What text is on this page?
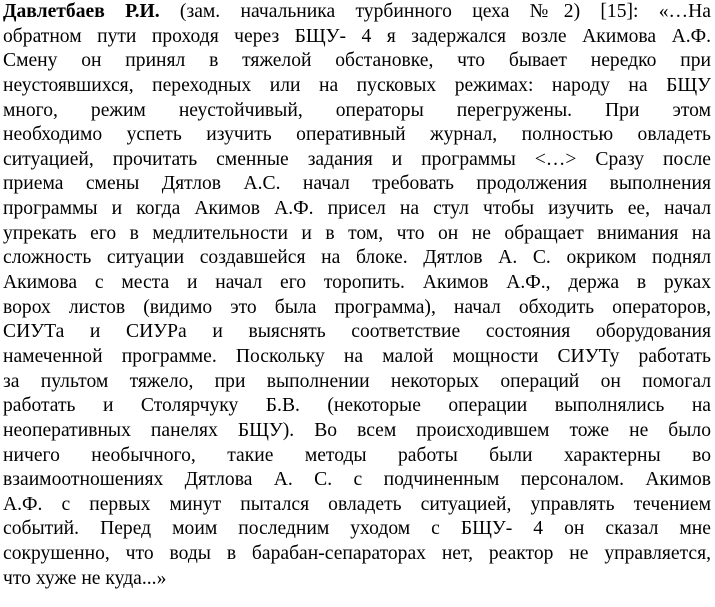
Давлетбаев Р.И. (зам. начальника турбинного цеха №2) [15]: «…На
обратном пути проходя через БЩУ- 4 я задержался возле Акимова А.Ф.
Смену он принял в тяжелой обстановке, что бывает нередко при
неустоявшихся, переходных или на пусковых режимах: народу на БЩУ
много, режим неустойчивый, операторы перегружены. При этом
необходимо успеть изучить оперативный журнал, полностью овладеть
ситуацией, прочитать сменные задания и программы <…> Сразу после
приема смены Дятлов А.С. начал требовать продолжения выполнения
программы и когда Акимов А.Ф. присел на стул чтобы изучить ее, начал
упрекать его в медлительности и в том, что он не обращает внимания на
сложность ситуации создавшейся на блоке. Дятлов А. С. окриком поднял
Акимова с места и начал его торопить. Акимов А.Ф., держа в руках
ворох листов (видимо это была программа), начал обходить операторов,
СИУТа и СИУРа и выяснять соответствие состояния оборудования
намеченной программе. Поскольку на малой мощности СИУТу работать
за пультом тяжело, при выполнении некоторых операций он помогал
работать и Столярчуку Б.В. (некоторые операции выполнялись на
неоперативных панелях БЩУ). Во всем происходившем тоже не было
ничего необычного, такие методы работы были характерны во
взаимоотношениях Дятлова А. С. с подчиненным персоналом. Акимов
А.Ф. с первых минут пытался овладеть ситуацией, управлять течением
событий. Перед моим последним уходом с БЩУ- 4 он сказал мне
сокрушенно, что воды в барабан-сепараторах нет, реактор не управляется,
что хуже не куда...»
